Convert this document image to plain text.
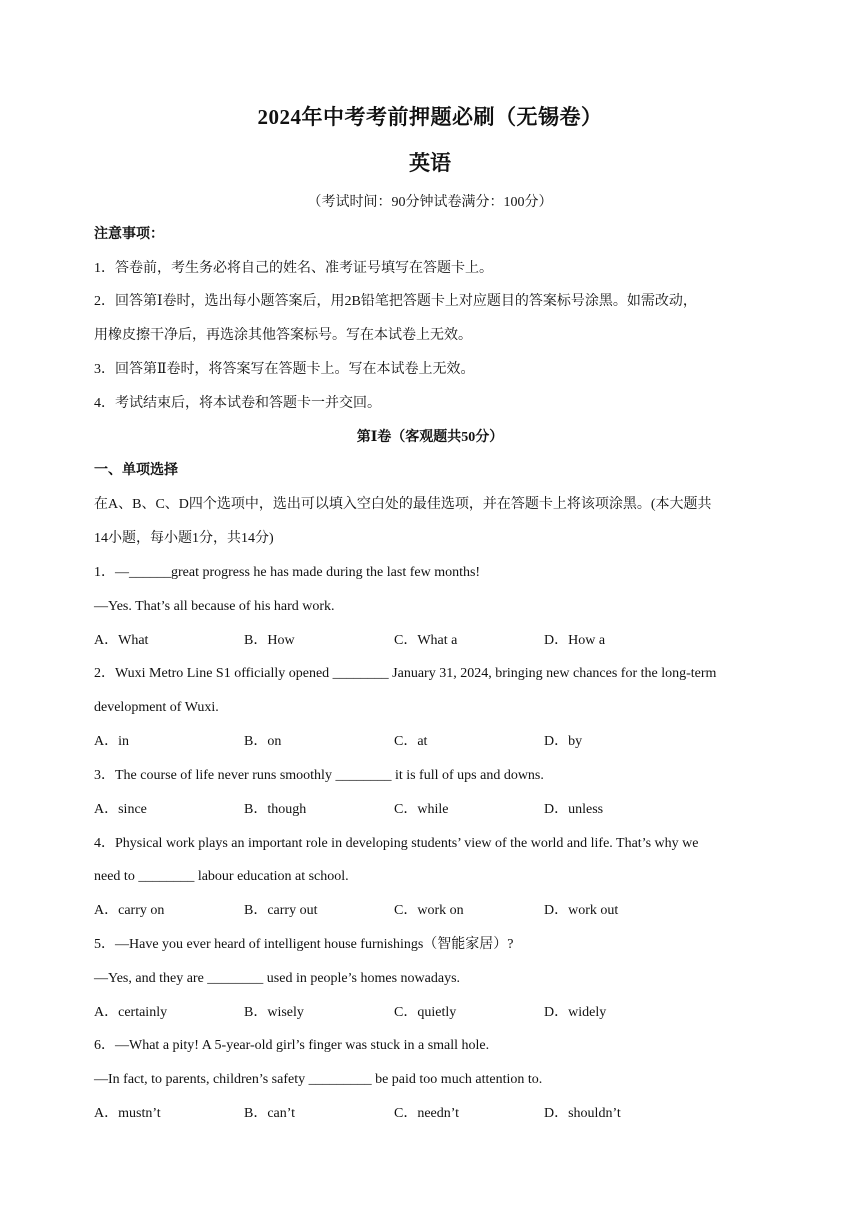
2024年中考考前押题必刷（无锡卷）
英语
（考试时间：90分钟试卷满分：100分）
注意事项：
1．答卷前，考生务必将自己的姓名、准考证号填写在答题卡上。
2．回答第Ⅰ卷时，选出每小题答案后，用2B铅笔把答题卡上对应题目的答案标号涂黑。如需改动，
用橡皮擦干净后，再选涂其他答案标号。写在本试卷上无效。
3．回答第Ⅱ卷时，将答案写在答题卡上。写在本试卷上无效。
4．考试结束后，将本试卷和答题卡一并交回。
第Ⅰ卷（客观题共50分）
一、单项选择
在A、B、C、D四个选项中，选出可以填入空白处的最佳选项，并在答题卡上将该项涂黑。(本大题共
14小题，每小题1分，共14分)
1．—______great progress he has made during the last few months!
—Yes. That’s all because of his hard work.
A．What	B．How	C．What a	D．How a
2．Wuxi Metro Line S1 officially opened ________ January 31, 2024, bringing new chances for the long-term
development of Wuxi.
A．in	B．on	C．at	D．by
3．The course of life never runs smoothly ________ it is full of ups and downs.
A．since	B．though	C．while	D．unless
4．Physical work plays an important role in developing students’ view of the world and life. That’s why we
need to ________ labour education at school.
A．carry on	B．carry out	C．work on	D．work out
5．—Have you ever heard of intelligent house furnishings（智能家居）?
—Yes, and they are ________ used in people’s homes nowadays.
A．certainly	B．wisely	C．quietly	D．widely
6．—What a pity! A 5-year-old girl’s finger was stuck in a small hole.
—In fact, to parents, children’s safety _________ be paid too much attention to.
A．mustn’t	B．can’t	C．needn’t	D．shouldn’t
